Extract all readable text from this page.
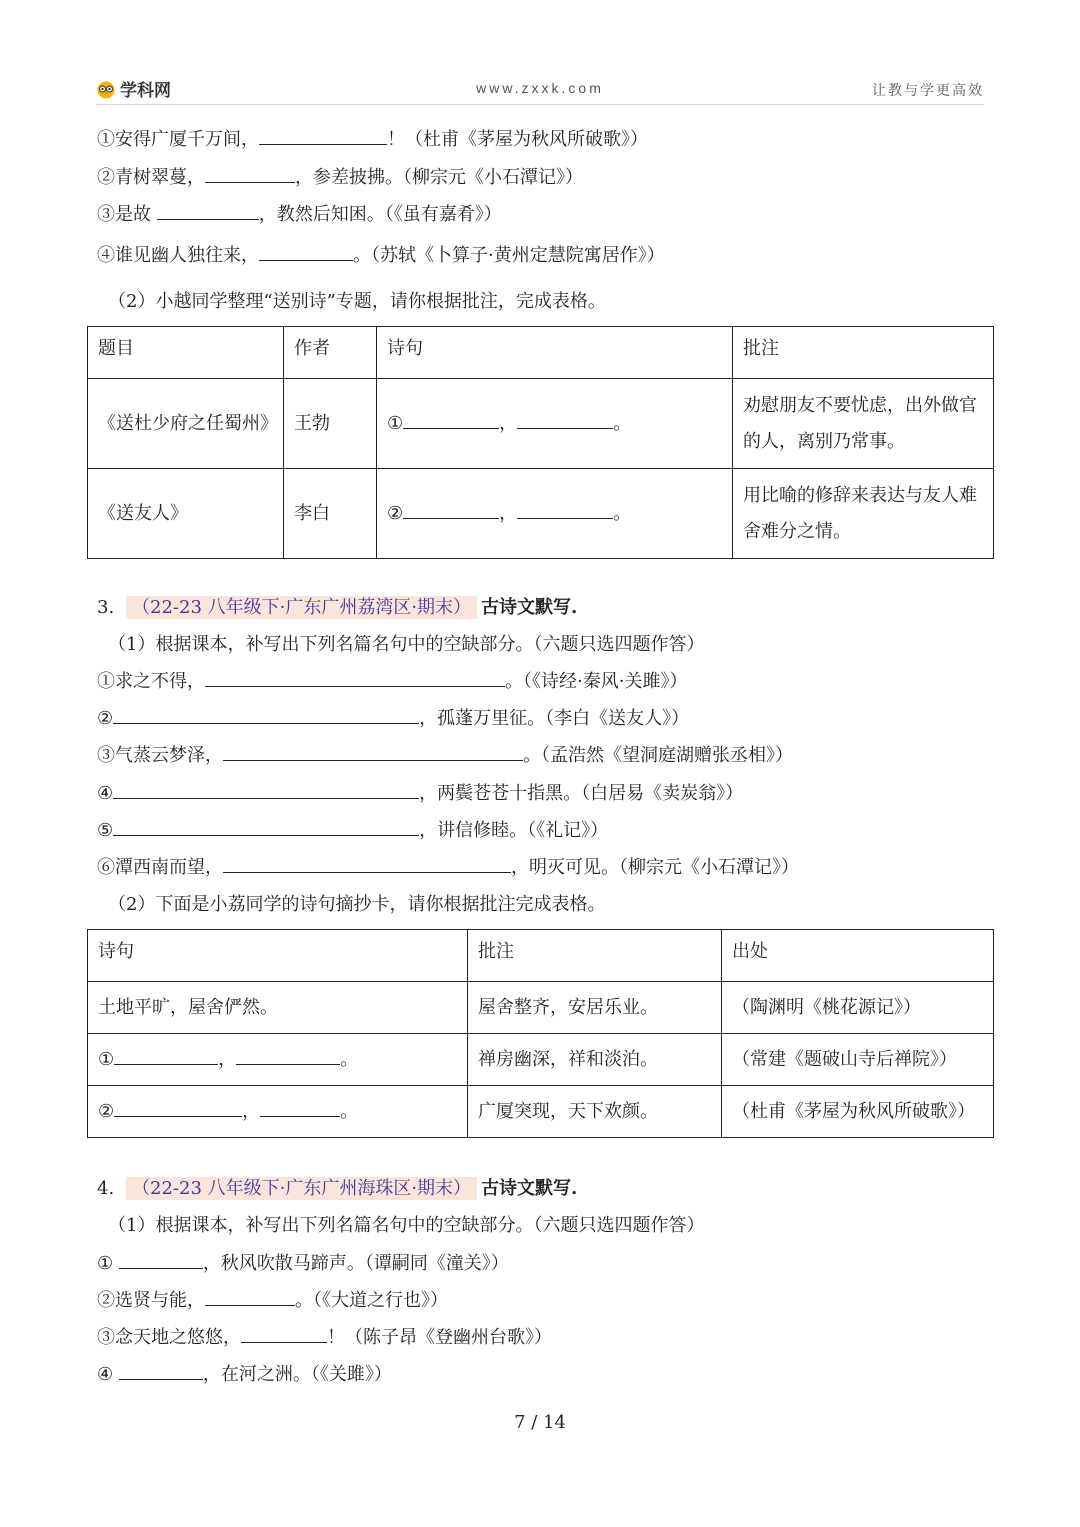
学科网	www.zxxk.com	让教与学更高效
①安得广厦千万间，	！（杜甫《茅屋为秋风所破歌》）
②青树翠蔓，	，参差披拂。（柳宗元《小石潭记》）
③是故	，教然后知困。（《虽有嘉肴》）
④谁见幽人独往来，	。（苏轼《卜算子·黄州定慧院寓居作》）
（2）小越同学整理“送别诗”专题，请你根据批注，完成表格。
题目	作者	诗句	批注
《送杜少府之任蜀州》	王勃	① ， 。	劝慰朋友不要忧虑，出外做官的人，离别乃常事。
《送友人》	李白	② ， 。	用比喻的修辞来表达与友人难舍难分之情。
3. （22-23 八年级下·广东广州荔湾区·期末） 古诗文默写.
（1）根据课本，补写出下列名篇名句中的空缺部分。（六题只选四题作答）
①求之不得，	。（《诗经·秦风·关雎》）
②	，孤蓬万里征。（李白《送友人》）
③气蒸云梦泽，	。（孟浩然《望洞庭湖赠张丞相》）
④	，两鬓苍苍十指黑。（白居易《卖炭翁》）
⑤	，讲信修睦。（《礼记》）
⑥潭西南而望，	，明灭可见。（柳宗元《小石潭记》）
（2）下面是小荔同学的诗句摘抄卡，请你根据批注完成表格。
诗句	批注	出处
土地平旷，屋舍俨然。	屋舍整齐，安居乐业。	（陶渊明《桃花源记》）
① ， 。	禅房幽深，祥和淡泊。	（常建《题破山寺后禅院》）
② ， 。	广厦突现，天下欢颜。	（杜甫《茅屋为秋风所破歌》）
4. （22-23 八年级下·广东广州海珠区·期末） 古诗文默写.
（1）根据课本，补写出下列名篇名句中的空缺部分。（六题只选四题作答）
①	，秋风吹散马蹄声。（谭嗣同《潼关》）
②选贤与能，	。（《大道之行也》）
③念天地之悠悠，	！（陈子昂《登幽州台歌》）
④	，在河之洲。（《关雎》）
7 / 14
